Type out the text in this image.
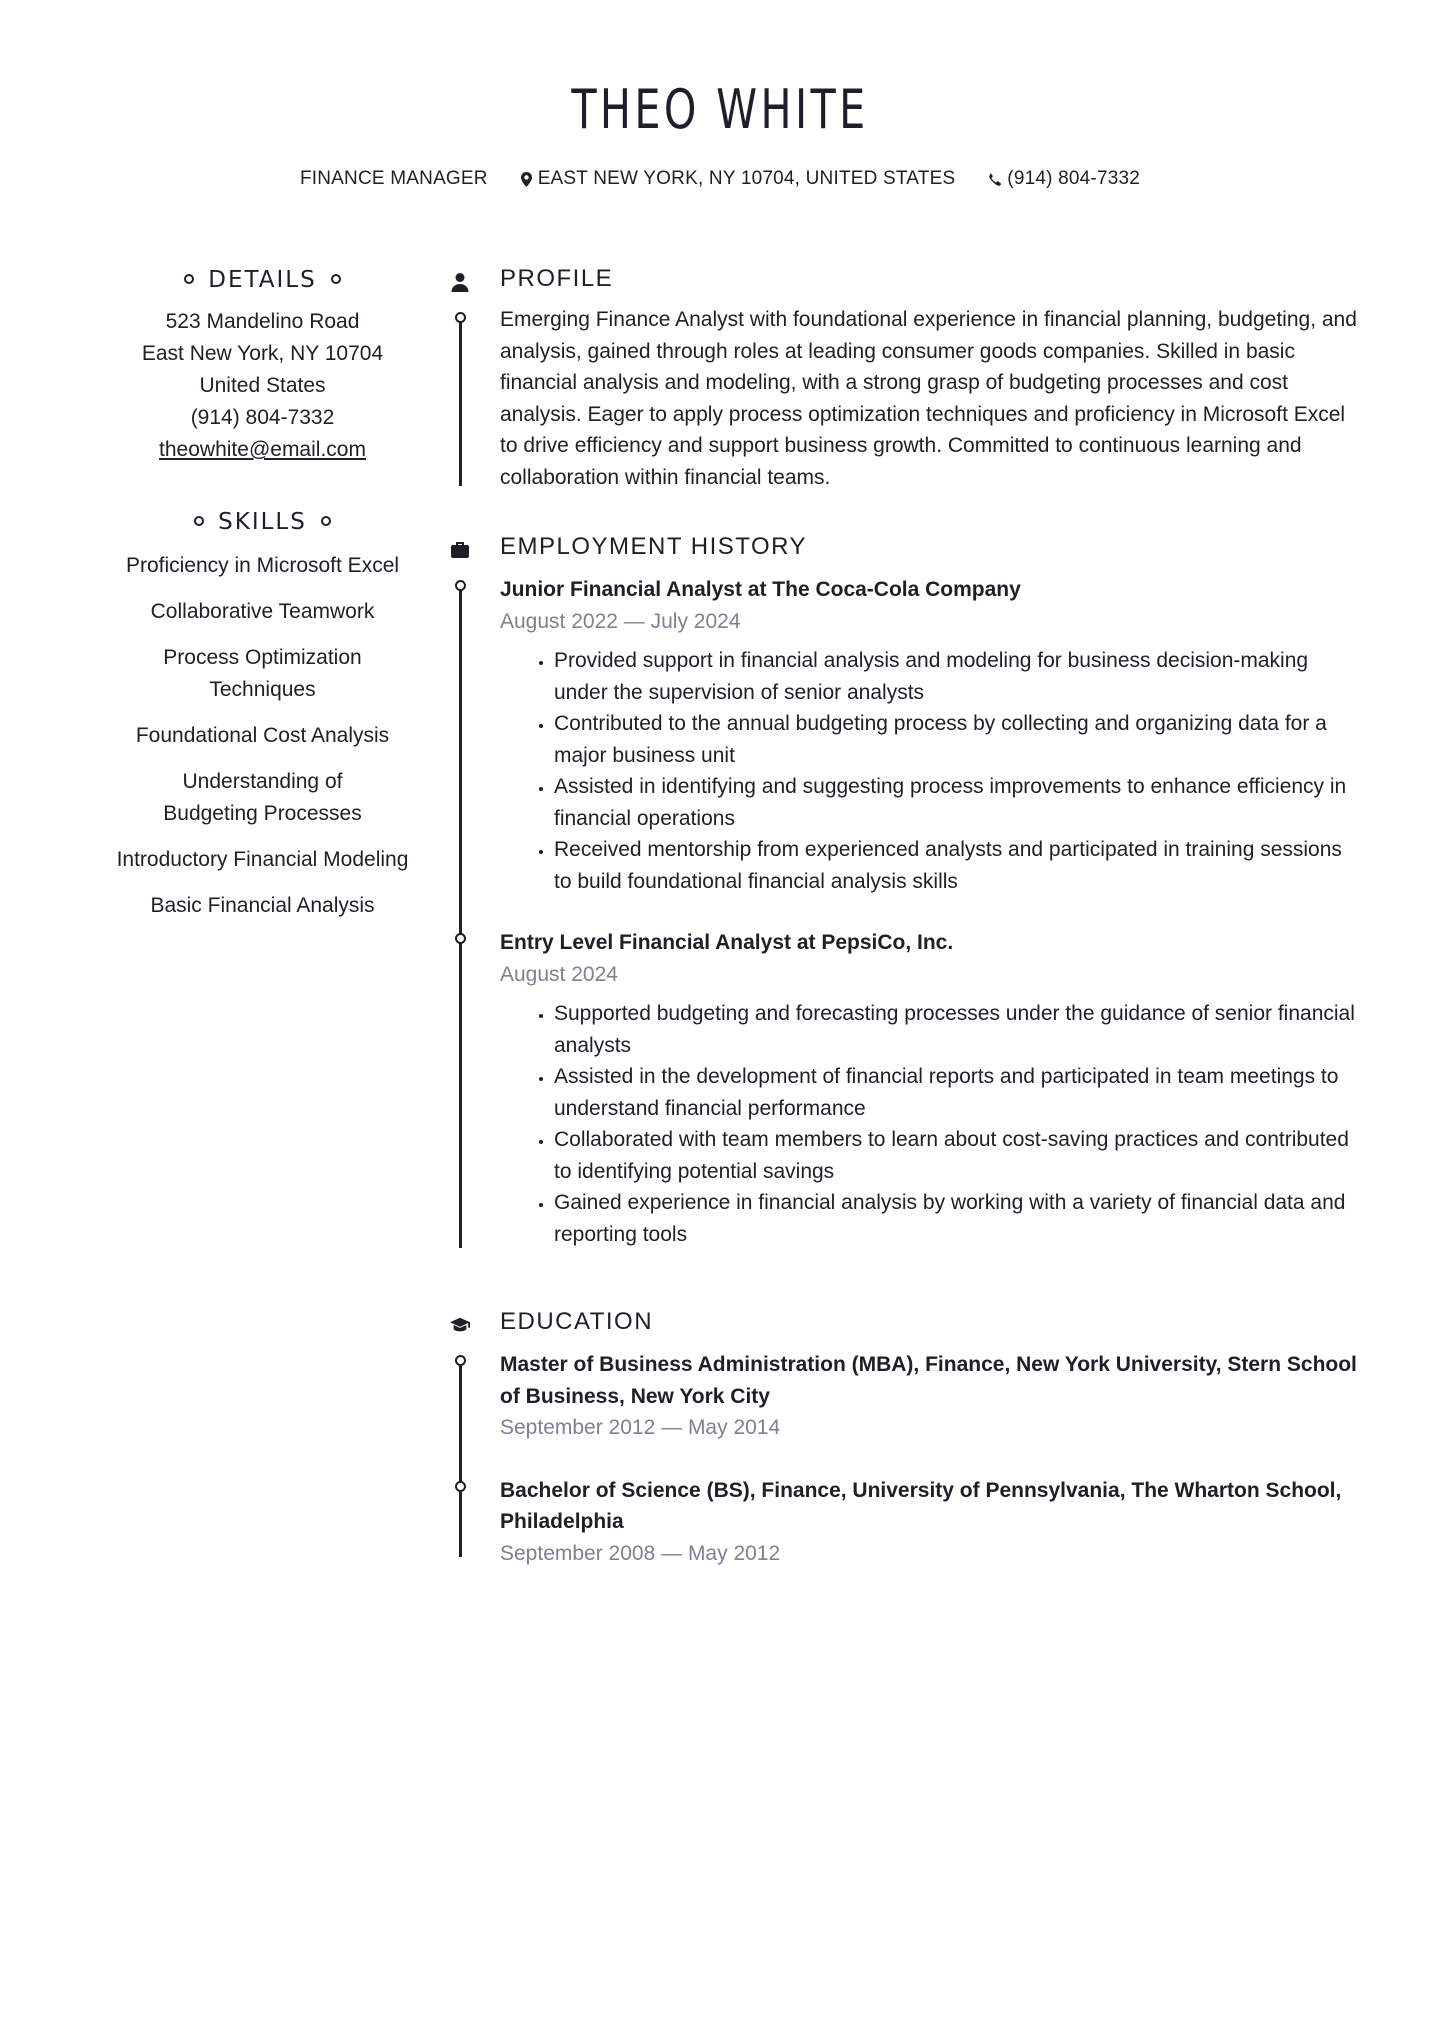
THEO WHITE
FINANCE MANAGER	EAST NEW YORK, NY 10704, UNITED STATES	(914) 804-7332
DETAILS
523 Mandelino Road
East New York, NY 10704
United States
(914) 804-7332
theowhite@email.com
SKILLS
Proficiency in Microsoft Excel
Collaborative Teamwork
Process Optimization Techniques
Foundational Cost Analysis
Understanding of Budgeting Processes
Introductory Financial Modeling
Basic Financial Analysis
PROFILE
Emerging Finance Analyst with foundational experience in financial planning, budgeting, and analysis, gained through roles at leading consumer goods companies. Skilled in basic financial analysis and modeling, with a strong grasp of budgeting processes and cost analysis. Eager to apply process optimization techniques and proficiency in Microsoft Excel to drive efficiency and support business growth. Committed to continuous learning and collaboration within financial teams.
EMPLOYMENT HISTORY
Junior Financial Analyst at The Coca-Cola Company
August 2022 — July 2024
• Provided support in financial analysis and modeling for business decision-making under the supervision of senior analysts
• Contributed to the annual budgeting process by collecting and organizing data for a major business unit
• Assisted in identifying and suggesting process improvements to enhance efficiency in financial operations
• Received mentorship from experienced analysts and participated in training sessions to build foundational financial analysis skills
Entry Level Financial Analyst at PepsiCo, Inc.
August 2024
• Supported budgeting and forecasting processes under the guidance of senior financial analysts
• Assisted in the development of financial reports and participated in team meetings to understand financial performance
• Collaborated with team members to learn about cost-saving practices and contributed to identifying potential savings
• Gained experience in financial analysis by working with a variety of financial data and reporting tools
EDUCATION
Master of Business Administration (MBA), Finance, New York University, Stern School of Business, New York City
September 2012 — May 2014
Bachelor of Science (BS), Finance, University of Pennsylvania, The Wharton School, Philadelphia
September 2008 — May 2012
